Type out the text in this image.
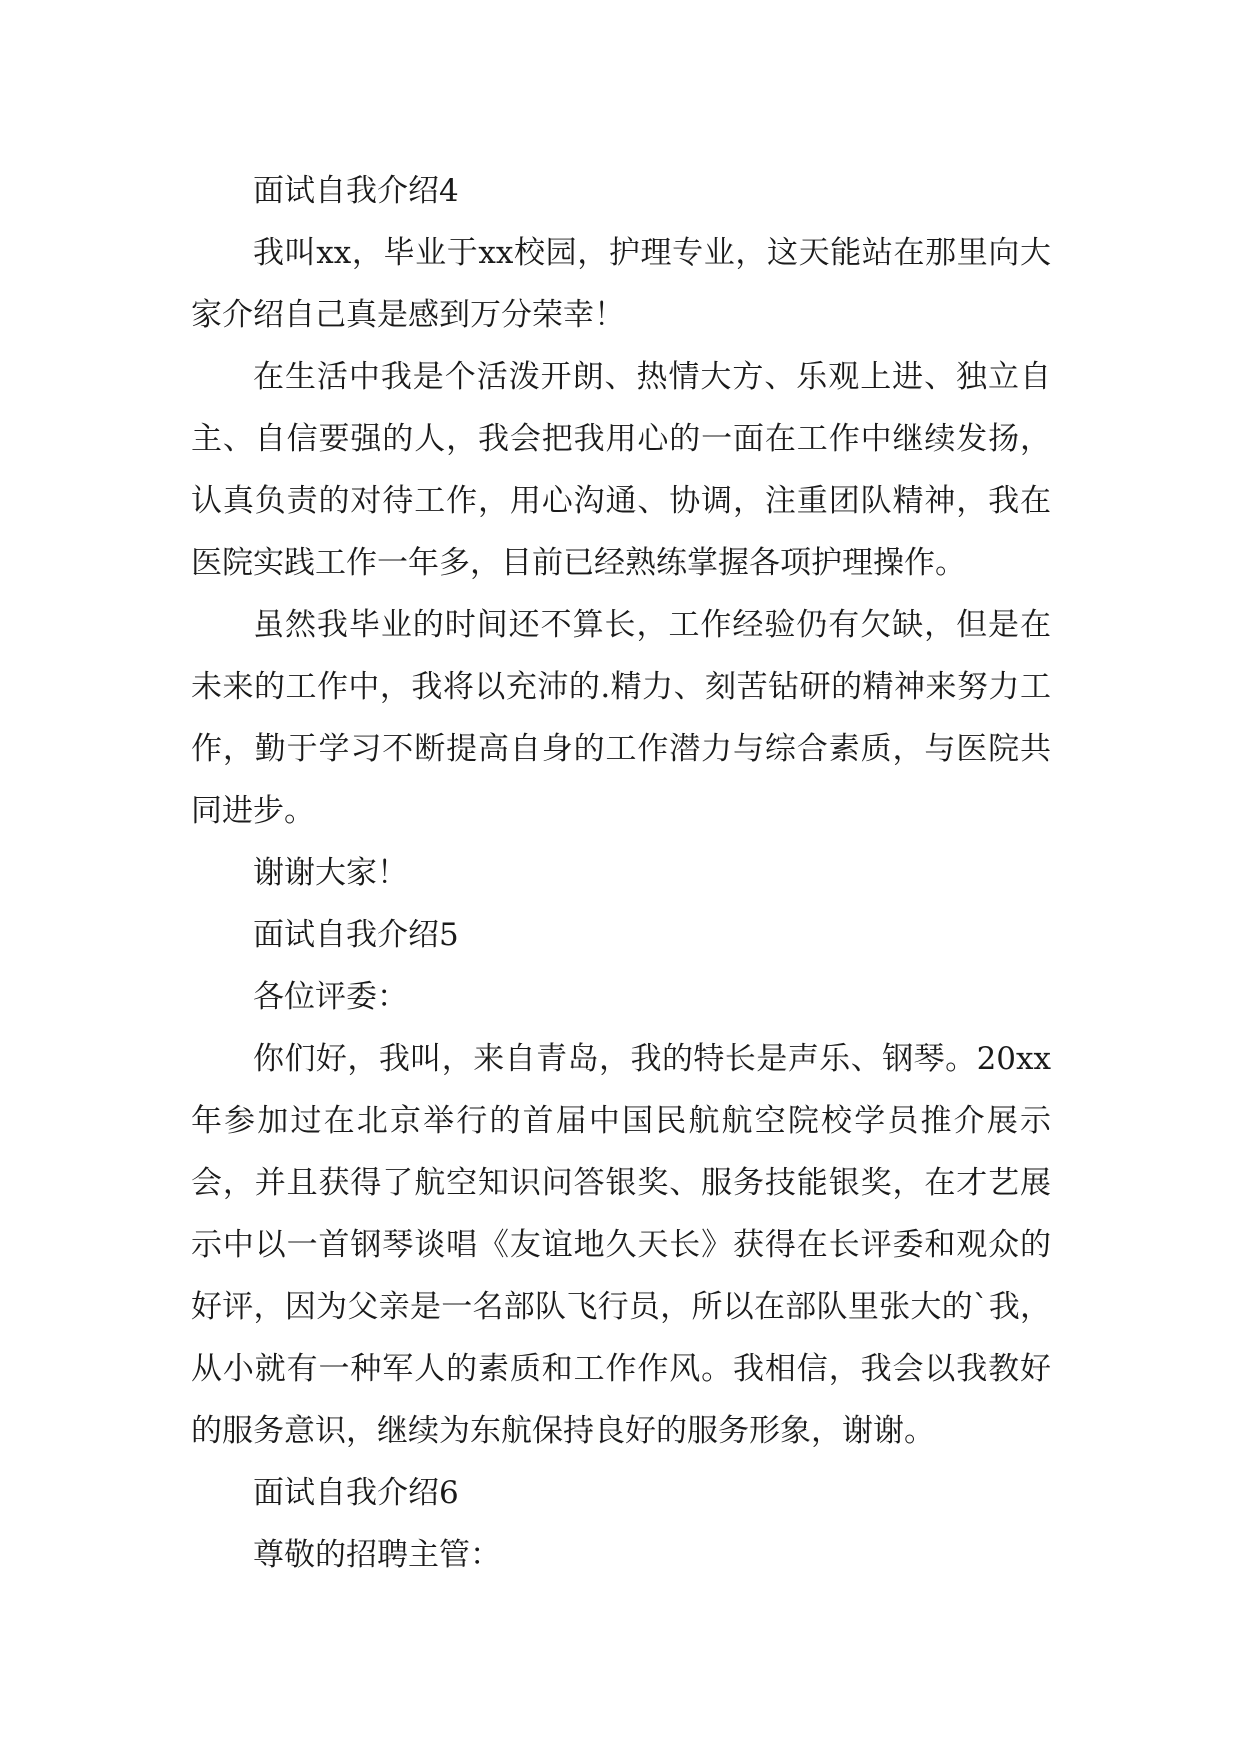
面试自我介绍4

我叫xx，毕业于xx校园，护理专业，这天能站在那里向大家介绍自己真是感到万分荣幸！

在生活中我是个活泼开朗、热情大方、乐观上进、独立自主、自信要强的人，我会把我用心的一面在工作中继续发扬，认真负责的对待工作，用心沟通、协调，注重团队精神，我在医院实践工作一年多，目前已经熟练掌握各项护理操作。

虽然我毕业的时间还不算长，工作经验仍有欠缺，但是在未来的工作中，我将以充沛的.精力、刻苦钻研的精神来努力工作，勤于学习不断提高自身的工作潜力与综合素质，与医院共同进步。

谢谢大家！

面试自我介绍5

各位评委：

你们好，我叫，来自青岛，我的特长是声乐、钢琴。20xx年参加过在北京举行的首届中国民航航空院校学员推介展示会，并且获得了航空知识问答银奖、服务技能银奖，在才艺展示中以一首钢琴谈唱《友谊地久天长》获得在长评委和观众的好评，因为父亲是一名部队飞行员，所以在部队里张大的`我，从小就有一种军人的素质和工作作风。我相信，我会以我教好的服务意识，继续为东航保持良好的服务形象，谢谢。

面试自我介绍6

尊敬的招聘主管：
